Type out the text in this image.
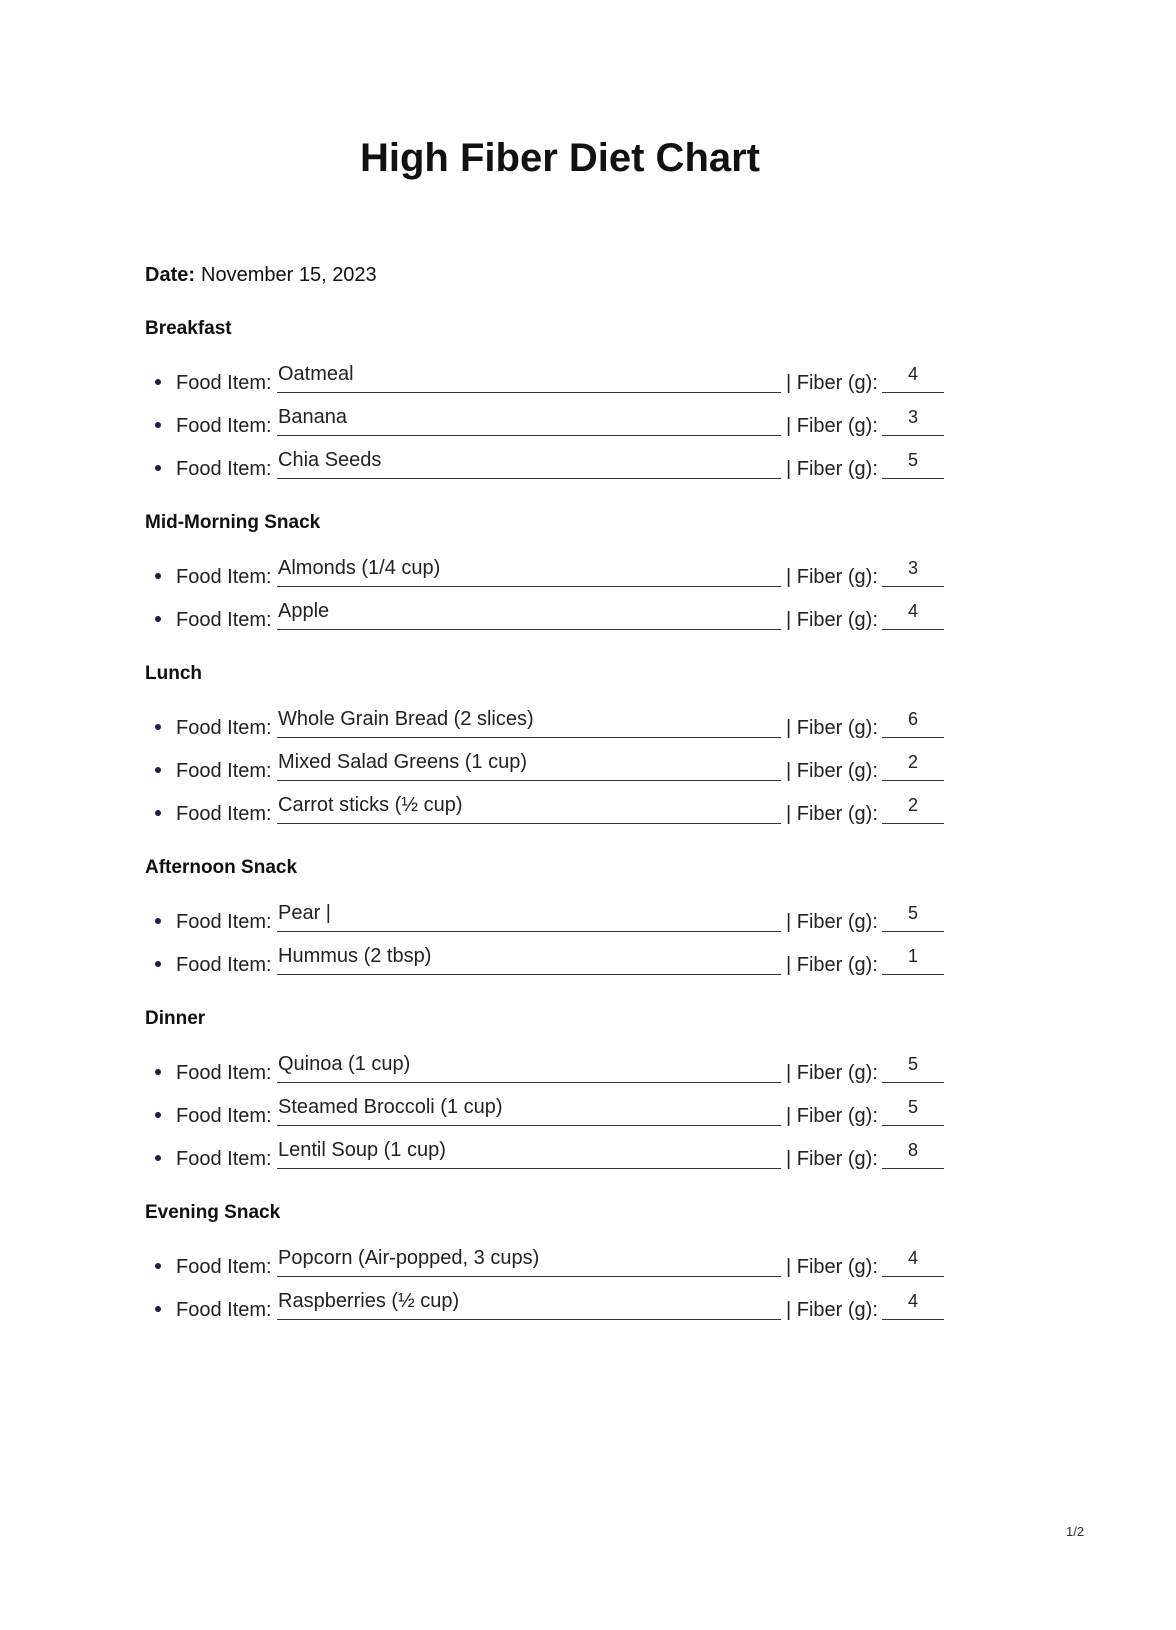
High Fiber Diet Chart
Date: November 15, 2023
Breakfast
Food Item: Oatmeal	| Fiber (g):	4
Food Item: Banana	| Fiber (g):	3
Food Item: Chia Seeds	| Fiber (g):	5
Mid-Morning Snack
Food Item: Almonds (1/4 cup)	| Fiber (g):	3
Food Item: Apple	| Fiber (g):	4
Lunch
Food Item: Whole Grain Bread (2 slices)	| Fiber (g):	6
Food Item: Mixed Salad Greens (1 cup)	| Fiber (g):	2
Food Item: Carrot sticks (½ cup)	| Fiber (g):	2
Afternoon Snack
Food Item: Pear |	| Fiber (g):	5
Food Item: Hummus (2 tbsp)	| Fiber (g):	1
Dinner
Food Item: Quinoa (1 cup)	| Fiber (g):	5
Food Item: Steamed Broccoli (1 cup)	| Fiber (g):	5
Food Item: Lentil Soup (1 cup)	| Fiber (g):	8
Evening Snack
Food Item: Popcorn (Air-popped, 3 cups)	| Fiber (g):	4
Food Item: Raspberries (½ cup)	| Fiber (g):	4
1/2
